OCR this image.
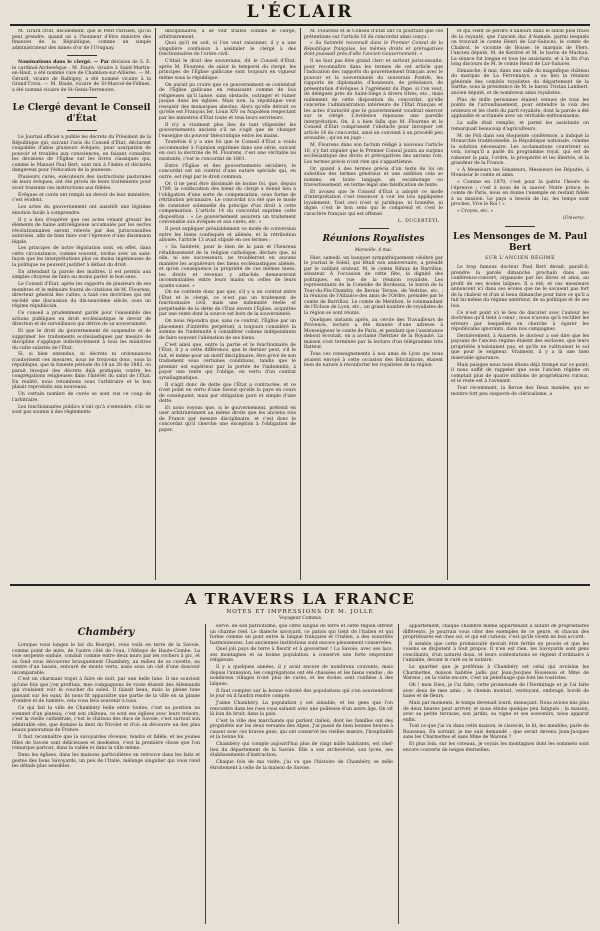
L'ÉCLAIR

M. Tirard croit, décidément, que le Petit Parisien, qu'on peut prendre, quand on a l'honneur d'être ministre des finances de la République, comme un simple administrateur des mines d'or de l'Uruguay.

Nominations dans le clergé. — Par décision de S. E. le cardinal-Archevêque ; M. Faure, vicaire à Saint-Martin-en-Haut, a été nommé curé de Chambon-sur-Allières. — M. Gérard, vicaire de Balbigny, a été nommé vicaire à la Grand'Croix. — M. Baule, vicaire de St-Marcel-de-Félines, a été nommé vicaire de St-Genis-Terrenoire.

Le Clergé devant le Conseil d'État

Le Journal officiel a publié les décrets du Président de la République qui, suivant l'avis du Conseil d'État, déclarent coupables d'abus plusieurs évêques, pour usurpation de pouvoir et troubles aux consciences, en faisant connaître les décisions de l'Église sur les livres classiques qui, comme le Manuel Paul Bert, sont mis à l'index et déclarés dangereux pour l'éducation de la jeunesse.

Plusieurs curés, exécuteurs des instructions pastorales de leurs évêques, ont été privés de leurs traitements pour avoir transmis ces instructions aux fidèles.

Évêques et curés ont rempli un devoir de leur ministère, c'est évident.

Les actes du gouvernement ont aussitôt une légitime émotion facile à comprendre.

Il y a lieu d'espérer que ces actes venant grossir les éléments de haine antireligieuse accumulés par les sectes révolutionnaires seront relevés par des jurisconsultes autorisés, afin de bien faire voir l'épreuve d'une dissension légale.

Les principes de notre législation sont, en effet, dans cette circonstance, comme souvent, tordus avec un sans-façon que les interprétations plus ou moins ingénieuses de la politique ne peuvent justifier à défaut du droit.

En attendant la parole des maîtres, il est permis aux simples citoyens de faire au moins parler le bon sens.

Le Conseil d'État, après les rapports de plusieurs de ses membres et le mémoire fourni de citations de M. Flourens, directeur général des cultes, a taxé ces doctrines qui ont excédé une discussion du dix-neuvième siècle, sous un régime républicain.

Ce conseil a prudemment gardé pour l'ensemble des actions publiques en droit ecclésiastique le devoir de direction et de surveillance qui dérive de sa souveraineté.

Et que le droit du gouvernement de suspendre et de supprimer les traitements ecclésiastiques par mesure de discipline s'applique indistinctement à tous les ministres du culte salariés de l'État.

Si, si bien entendus, ni décrets ni ordonnances n'autorisent ces mesures, nous ne trouvons donc, sous la république, que la funeste période du 18 au 28 de 1883, où parait invoqué des décrets déjà pratiqués contre les congrégations religieuses dans l'intérêt du salut de l'État. En réalité, nous retombons sous l'arbitraire et le bon plaisir reproduits aux nouveaux.

Un certain nombre de curés se sont vus ce coup de l'arbitraire.

Les fonctionnaires publics n'ont qu'à s'entendre, s'ils ne sont pas soumis à des règlements

disciplinaires, à se voir traités comme le clergé, arbitrairement.

Quoi qu'il en soit, si l'on veut raisonner, il y a une singulière confusion à assimiler le clergé à des fonctionnaires de l'ordre civil.

C'était le droit des souverains, dit le Conseil d'État, après M. Flourens, de saisir le temporel du clergé, les principes de l'Église gallicane sont toujours en vigueur même sous la république.

On aurait pu croire que ce gouvernement se contentait de l'Église gallicane en renaissant comme de lois religieuses qu'il laisse, sans obstacle, outrager et ruiner jusque dans les églises. Mais non, la république veut ressaisir des monarques absolus. Alors qu'elle détruit ce qu'elle est François Ier, Louis XIV ou Napoléon respectant par les ministres d'État toute et tous leurs serviteurs.

Il n'y a vraiment plus lieu de tant vilipender les gouvernements anciens s'il ne s'agit que de changer l'enseigne du pouvoir théocratique entre les mains.

Toutefois il y a une foi que le Conseil d'État a voulu accommoder à l'opinion exprimée dans une série, suivant en ceci la doctrine de M. Flourens, c'est une véritable loi existante, c'est le concordat de 1801.

Entre l'Église et des gouvernements séculiers, le concordat est un contrat d'une nature spéciale qui, en outre, est régi par le droit commun.

Or, il ne peut être dissimulé de bonne foi, que, depuis 1789, la confiscation des biens du clergé a donné lieu à l'obligation d'une sorte de compensation, sous forme de rétribution pécuniaire. Le concordat n'a été que le mode de constater solennelle du principe d'un droit à cette compensation. L'article 14 du concordat exprime cette disposition : « Le gouvernement assurera un traitement convenable aux évêques et aux curés, etc. »

Il peut expliquer préalablement ce mode de conversion entre les biens confisqués et aliénés, et la rétribution allouée, l'article 13 avait stipulé en ces termes :

« Sa Sainteté, pour le bien de la paix et l'heureux rétablissement de la religion catholique, déclare que, ni elle, ni ses successeurs, ne troubleront en aucune manière les acquéreurs des biens ecclésiastiques aliénés, et qu'en conséquence la propriété de ces mêmes biens, les droits et revenus y attachés demeureront incommutables entre leurs mains ou celles de leurs ayants-cause. »

On ne conteste donc pas que, s'il y a un contrat entre l'État et le clergé, ce n'est pas un traitement de fonctionnaire civil, mais une indemnité réelle et perpétuelle de la dette de l'État envers l'Église, acquittée par une rente dont la source est hors de la souveraineté.

On nous répondra que, sans ce contrat, l'Église par un placement d'intérêts perpétuel, a toujours considéré la somme de l'indemnité à considérer comme indépendante de faire souvent l'aliénation de ses biens.

C'est ainsi que, entre la partie et le fonctionnaire de l'État, il y a cette différence, que le dernier peut, s'il le fait, et même pour un motif disciplinaire, être privé de son traitement sous certaines conditions, tandis que le premier est supérieur par la portée de l'indemnité, à payer une rente qui l'oblige, en vertu d'un contrat synallagmatique.

Il s'agit donc de dette que l'État a contractée, et ce n'est point en vertu d'une faveur qu'elle la paye en cours de conséquent, mais par obligation pure et simple d'une dette.

Et nous voyons que, si le gouvernement, prétend en user arbitrairement au même droits que les anciens rois de France par mesure disciplinaire, et c'est donc le concordat qu'il cherche une exception à l'obligation de payer.

M. Flourens et le Conseil d'État ont vu pourtant que ces prétentions sur l'article 16 du concordat ainsi conçu :

« Sa Sainteté reconnaît dans le Premier Consul de la République française, les mêmes droits et prérogatives dont jouissait près d'elle l'ancien Gouvernement. »

Il ne faut pas être grand clerc et surtout jurisconsulte, pour reconnaître dans les termes de cet article que l'indication des rapports du gouvernement français avec le pouvoir et la souveraineté du souverain Pontife, les rapports de diplomatie, d'honneurs, de préséance, de présentation d'évêques à l'agrément du Pape, si l'on veut, de délégués près du Saint-Siège à divers titres, etc., mais nullement de cette disposition du concordat, qu'elle concerne l'administration intérieure de l'État français et les actes d'autorité que le gouvernement voudrait exercer sur le clergé. L'évidence repousse une pareille interprétation. On, il a bien fallu que M. Flourens et le Conseil d'État comprissent l'obstacle pour invoquer cet article 16 du concordat, ainsi en convient à un procédé peu avouable ; qu'on en juge :

M. Flourens dans son factum rédigé à nouveau l'article 16, s'y fait stipuler que le Premier Consul jouira au surplus ecclésiastique des droits et prérogatives des anciens rois. Les termes précis n'ont rien qui s'appartienne.

Or, quand à des termes précis d'un texte de loi on substitue des termes généraux et une addition cela se nomme, en toute langage, un escamotage ou travestissement, en terme légal une falsification de texte.

Et avouez que le Conseil d'État a adopté ce mode d'interprétation c'est renoncer à voir les lois appliquées loyalement. Tout ceci n'est ni juridique, ni honnête, ni digne, c'est le bon sens qui le comprend et c'est le caractère français qui est offensé.

L. DUCERTEYL
Réunions Royalistes
Marseille, 6 mai.

Hier, samedi, un banquet sympathiquement célébré par le journal le Soleil, qui fêtait son anniversaire, a présidé par le vaillant orateur, M. le comte Rifaux de Barrillon, sénateur. À l'occasion de cette fête, la dignité des politiques, en vue de la réunion royaliste. Les représentants de la Comédie de Bordeaux, le baron de la Tour-du-Pin-Chambly, de Bernis Ternas, de Vedrine, etc. ; la réunion de l'Alliance des amis de l'Ordre, présidée par le comte de Barrillon. Le comte de Menthon, le commandant de l'Écluse de Lyon, etc., un grand nombre de royalistes de la région se sont réunis.

Quelques instants après, au cercle des Travailleurs de Provence, lecture a été donnée d'une adresse à Monseigneur le comte de Paris, et pendant que l'assistance debout écoutait, on a acclamé l'héritier de la Royauté. La maison s'est terminée par la lecture d'un télégramme très flatteur.

Tous ces renseignements à nos amis de Lyon qui nous avaient envoyé à cette occasion des félicitations, étaient bien de nature à réconforter les royalistes de la région.

et qui vient se perdre d'ailleurs dans le sillon plus tracé de la royauté, que l'ancien duc d'Aumale, parmi lesquels on trouvait le comte Henri de Lur-Saluces, le comte de Chabrol, le vicomte de Boisse, le marquis de Flers, l'ancien député, M. de Kerdrel et M. le baron de Mackau. La séance fut longue et tous les assistants, et à la fin d'un long discours de M. le comte Henri de Lur-Saluces.

Dimanche, 6 mai, dans une salle du magnifique château du marquis de La Ferronnays, a eu lieu la réunion générale des comités royalistes du département de la Sarthe, sous la présidence de M. le baron Tristan Lambert, ancien député, et de nombreux amis royalistes.

Plus de mille personnes étaient venues de tous les points de l'arrondissement, pour entendre la voix des orateurs et les chefs du parti royaliste, dont la parole a été applaudie et acclamée avec un véritable enthousiasme.

La salle était remplie, et parmi les assistants on remarquait beaucoup d'agriculteurs.

M. de Poli dans son éloquente conférence, a indiqué la Monarchie traditionnelle, la République nationale, comme la solution nécessaire. Les acclamations couvrirent sa voix, lorsqu'il a parlé du programme royal, qui est de ramener la paix, l'ordre, la prospérité et les libertés, et la grandeur de la France.

« À Messieurs les Sénateurs, Messieurs les Députés, à Monsieur le comte et amis.

« Comme en 1870, c'est pour la patrie l'heure de l'épreuve ; c'est à nous de la sauver. Notre prince, le comte de Paris, nous en donne l'exemple en restant fidèle à sa mission. Le pays a besoin de lui, les temps sont proches. Vive le Roi ! »

« Croyez, etc. »

(Univers).
Les Mensonges de M. Paul Bert
SUR L'ANCIEN RÉGIME

Le trop fameux docteur Paul Bert devait, paraît-il, prendre la parole dimanche prochain dans une conférence-concert, organisée par les libres et amis, au profit de ses écoles laïques. Il a été, et ces messieurs annoncent ici dans ses écoles que ne le savaient pas fort de la chaleur et d'un si beau dimanche pour faire ce qu'il a fait lui-même du régime antérieur, de sa politique et de ses lois.

Ce n'est point ici le lieu de discuter avec l'auteur les doctrines qu'il tient à cœur ; nous n'avons qu'à rectifier les erreurs par lesquelles on cherche à égarer les républicains ignorants, dans nos campagnes.

Dernièrement, à Auxerre, le docteur a osé dire que les paysans de l'ancien régime étaient des esclaves, que leurs propriétés n'existaient pas, et qu'ils ne cultivaient le sol que pour le seigneur. Vraiment, il y a là une bien misérable ignorance.

Mais puisque nous nous étions déjà trompé sur ce point, il nous suffit de rappeler que sous l'ancien régime on comptait plus de quatre millions de propriétaires ruraux, et le reste est à l'avenant.

Tout récemment, la Revue des Deux mondes, qui se montre fort peu suspecte de cléricalisme, a

A TRAVERS LA FRANCE
NOTES ET IMPRESSIONS DE M. JOLLE
Voyageur Commis
Chambéry

Lorsque vous longez le lac du Bourget, vous voilà en terre de la Savoie, comme point de mire, de l'autre côté de l'eau, l'Abbaye de Haute-Combe. La voie serpente ondule, conduit comme entre deux murs par les rochers à pic, et au fond vous découvrez brusquement Chambéry, au milieu de sa cuvette, au centre d'un bassin, entouré de monts verts, assis sous un ciel d'une douceur incomparable.

C'est un charmant trajet à faire de nuit, par une belle lune. Il me souvient qu'une fois que j'en profitais, mes compagnons de route étaient des Allemands qui voulaient voir le coucher du soleil. Il faisait beau, mais la pleine lune passant sur les eaux, ils nous fit apparaître une partie de la ville en sa plaine d'ombre et de lumière, cela vous fera souvenir à tous.

Ce qui fait la ville de Chambéry belle entre toutes, c'est sa position au sommet d'un plateau, c'est son château, ce sont ses églises avec leurs trésors, c'est la vieille cathédrale, c'est le château des ducs de Savoie, c'est surtout son admirable site, que domine la dent du Nivolet et d'où on découvre un des plus beaux panoramas de France.

Il faut reconnaître que la savoyardes rêveuse, tendre et fidèle, et les jeunes filles de Savoie sont délicieuses et modestes, c'est la première chose que l'on remarque partout, dans la vallée et dans la ville même.

Dans les églises, dans les maisons particulières on retrouve dans les faits et gestes des bons Savoyards, un peu de l'Italie, mélange singulier qui vous rend les détails plus sensibles.

servé, de son patriotisme, que cette langue de terre et cette région offrent un charme réel. Le dialecte savoyard, ce patois qui tient de l'italien et qui forme comme un pont entre la langue française et l'italien, a des sonorités harmonieuses. Les anciennes institutions sont encore pieusement conservées.

Quel joli pays de terre à fleurir et à gouverner ! La Savoie, avec ses lacs, ses montagnes et sa bonne population, a conservé une forte empreinte religieuse.

Il y a quelques années, il y avait encore de nombreux couvents, mais depuis l'annexion, les congrégations ont été chassées et les biens vendus ; de nombreux villages n'ont plus de curés, et les écoles sont confiées à des laïques.

Il faut compter sur la bonne volonté des populations qui s'en souviendront le jour où il faudra rendre compte.

J'aime Chambéry. La population y est aimable, et les gens que l'on rencontre dans les rues vous saluent avec une politesse d'un autre âge. On vit là loin du bruit, dans la paix.

C'est la ville des marchands qui parlent italien, dont les familles ont des propriétés sur les deux versants des Alpes. J'ai passé de bien bonnes heures à causer avec ces braves gens, qui ont conservé les vieilles mœurs, l'hospitalité et la bonne foi.

Chambéry qui compte aujourd'hui plus de vingt mille habitants, est chef-lieu du département de la Savoie. Elle a son archevêché, son lycée, ses établissements d'instruction.

Chaque fois de ma visite, j'ai vu que l'histoire de Chambéry se mêle étroitement à celle de la maison de Savoie.

appartement, chaque chambre même appartenant à autant de propriétaires différents. Je pourrais vous citer des exemples de ce genre, et chacun des propriétaires est chez soi, et qui est curieux, c'est qu'ils vivent en bon accord.

Il semble que cette promiscuité devrait être fertile en procès et que les voisins se disputent à tout propos. Il n'en est rien, les Savoyards sont gens conciliants, d'un naturel doux, et leurs contestations se règlent d'ordinaire à l'amiable, devant le curé ou le notaire.

Le quartier que je préférais à Chambéry est celui qui avoisine les Charmettes, maison habitée jadis par Jean-Jacques Rousseau et Mme de Warens ; on la visite encore, c'est un pèlerinage que font les touristes.

Oh ! mon Dieu, je l'ai faite, cette promenade de l'Hermitage et je l'ai faite avec deux de mes amis ; le chemin montait, verdoyant, ombragé, bordé de haies et de fleurs.

Mais par moments, le temps devenait lourd, menaçant. Nous avions mis plus de deux heures pour arriver, et nous étions quelque peu fatigués ; la maison, avec sa petite terrasse, son jardin, sa vigne et ses souvenirs, nous apparut enfin.

Tout ce que j'ai vu dans cette maison, le clavecin, le lit, les meubles, parle de Rousseau. En sortant, je me suis demandé : que serait devenu Jean-Jacques sans les Charmettes et sans Mme de Warens ?

Et plus loin, sur les coteaux, je voyais les montagnes dont les sommets sont encore couverts de neiges éternelles.
